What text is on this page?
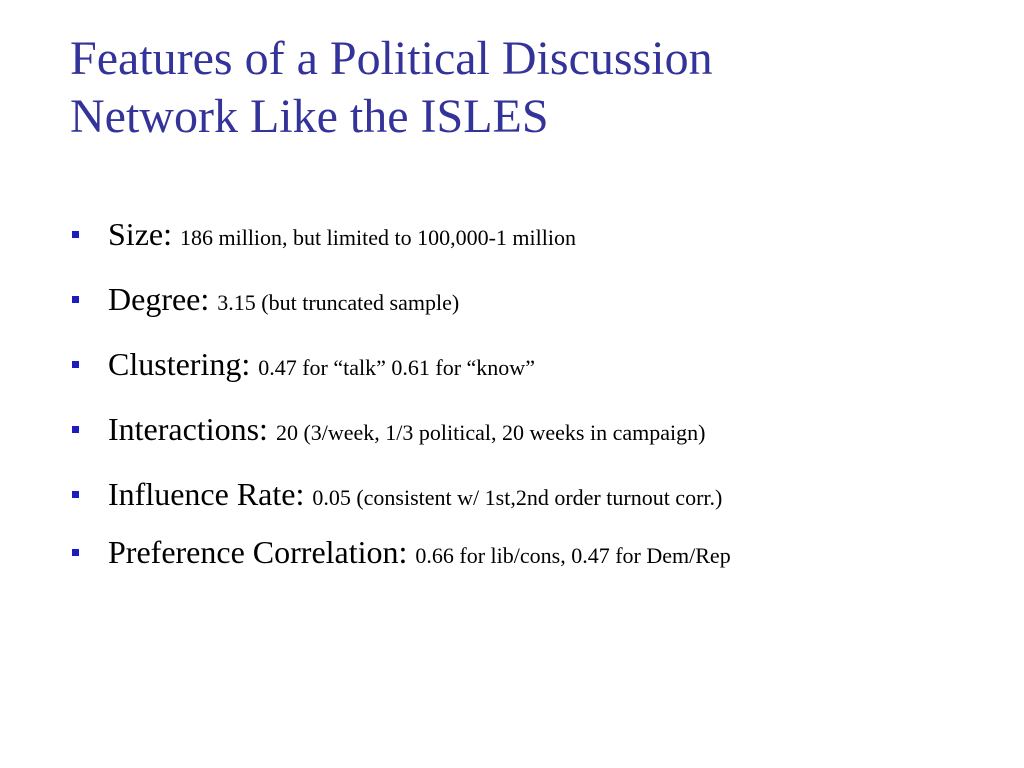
Features of a Political Discussion
Network Like the ISLES
Size: 186 million, but limited to 100,000-1 million
Degree: 3.15 (but truncated sample)
Clustering: 0.47 for “talk” 0.61 for “know”
Interactions: 20 (3/week, 1/3 political, 20 weeks in campaign)
Influence Rate: 0.05 (consistent w/ 1st,2nd order turnout corr.)
Preference Correlation: 0.66 for lib/cons, 0.47 for Dem/Rep
